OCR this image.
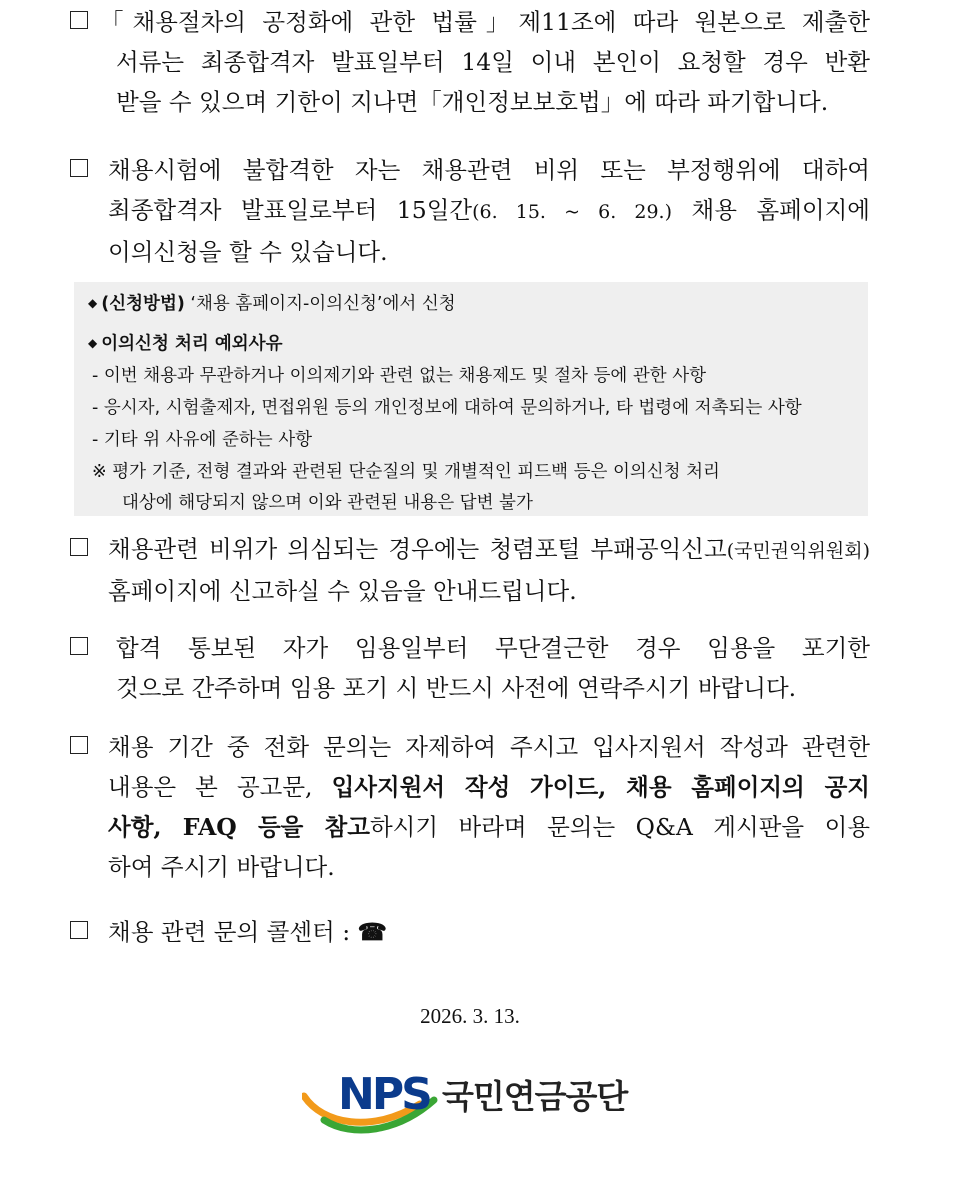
「채용절차의 공정화에 관한 법률」제11조에 따라 원본으로 제출한
서류는 최종합격자 발표일부터 14일 이내 본인이 요청할 경우 반환
받을 수 있으며 기한이 지나면「개인정보보호법」에 따라 파기합니다.
채용시험에 불합격한 자는 채용관련 비위 또는 부정행위에 대하여
최종합격자 발표일로부터 15일간(6. 15. ~ 6. 29.) 채용 홈페이지에
이의신청을 할 수 있습니다.
◆ (신청방법) ‘채용 홈페이지-이의신청’에서 신청
◆ 이의신청 처리 예외사유
- 이번 채용과 무관하거나 이의제기와 관련 없는 채용제도 및 절차 등에 관한 사항
- 응시자, 시험출제자, 면접위원 등의 개인정보에 대하여 문의하거나, 타 법령에 저촉되는 사항
- 기타 위 사유에 준하는 사항
※ 평가 기준, 전형 결과와 관련된 단순질의 및 개별적인 피드백 등은 이의신청 처리
대상에 해당되지 않으며 이와 관련된 내용은 답변 불가
채용관련 비위가 의심되는 경우에는 청렴포털 부패공익신고(국민권익위원회)
홈페이지에 신고하실 수 있음을 안내드립니다.
합격 통보된 자가 임용일부터 무단결근한 경우 임용을 포기한
것으로 간주하며 임용 포기 시 반드시 사전에 연락주시기 바랍니다.
채용 기간 중 전화 문의는 자제하여 주시고 입사지원서 작성과 관련한
내용은 본 공고문, 입사지원서 작성 가이드, 채용 홈페이지의 공지
사항, FAQ 등을 참고하시기 바라며 문의는 Q&A 게시판을 이용
하여 주시기 바랍니다.
채용 관련 문의 콜센터 : ☎
2026. 3. 13.
NPS 국민연금공단
